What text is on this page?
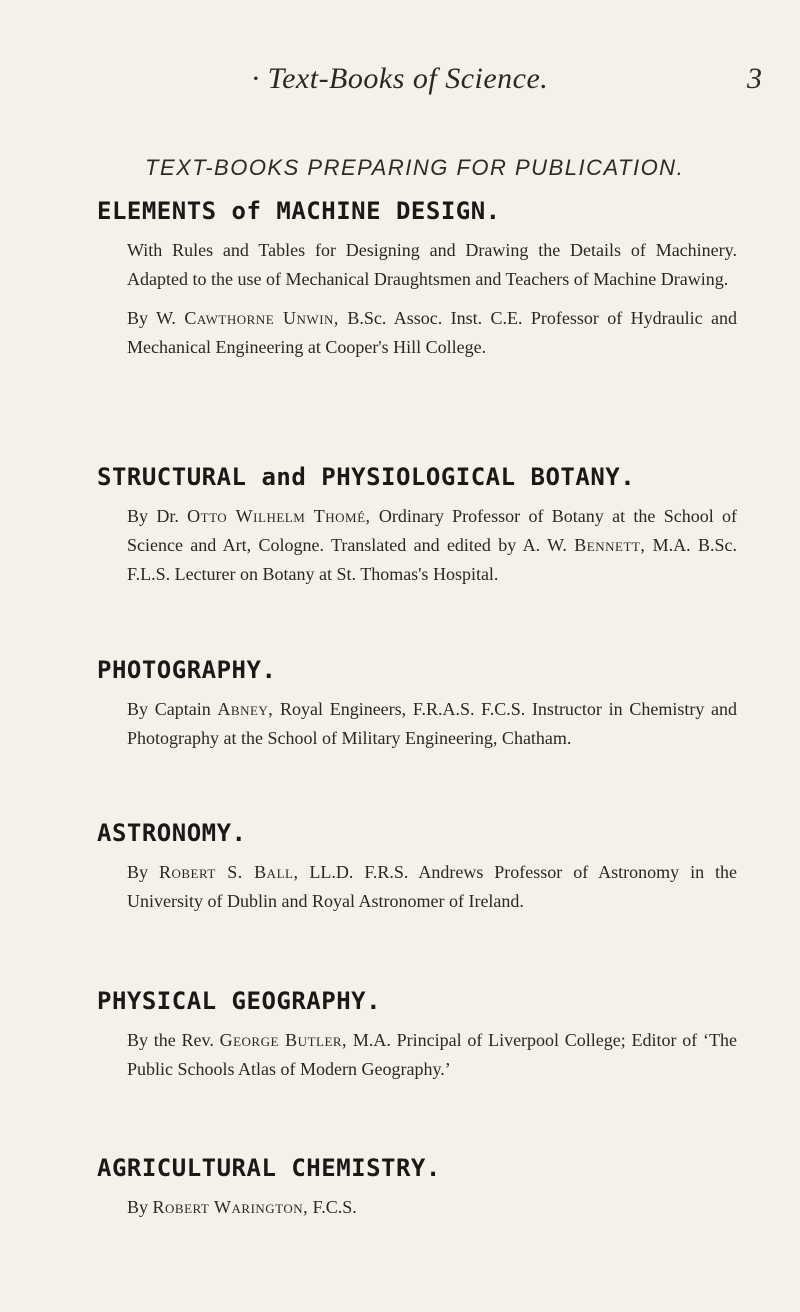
· Text-Books of Science.	3
TEXT-BOOKS PREPARING FOR PUBLICATION.
ELEMENTS of MACHINE DESIGN.

With Rules and Tables for Designing and Drawing the Details of Machinery. Adapted to the use of Mechanical Draughtsmen and Teachers of Machine Drawing.

By W. Cawthorne Unwin, B.Sc. Assoc. Inst. C.E. Professor of Hydraulic and Mechanical Engineering at Cooper's Hill College.

STRUCTURAL and PHYSIOLOGICAL BOTANY.

By Dr. Otto Wilhelm Thomé, Ordinary Professor of Botany at the School of Science and Art, Cologne. Translated and edited by A. W. Bennett, M.A. B.Sc. F.L.S. Lecturer on Botany at St. Thomas's Hospital.

PHOTOGRAPHY.

By Captain Abney, Royal Engineers, F.R.A.S. F.C.S. Instructor in Chemistry and Photography at the School of Military Engineering, Chatham.

ASTRONOMY.

By Robert S. Ball, LL.D. F.R.S. Andrews Professor of Astronomy in the University of Dublin and Royal Astronomer of Ireland.

PHYSICAL GEOGRAPHY.

By the Rev. George Butler, M.A. Principal of Liverpool College; Editor of ‘The Public Schools Atlas of Modern Geography.’

AGRICULTURAL CHEMISTRY.

By Robert Warington, F.C.S.
